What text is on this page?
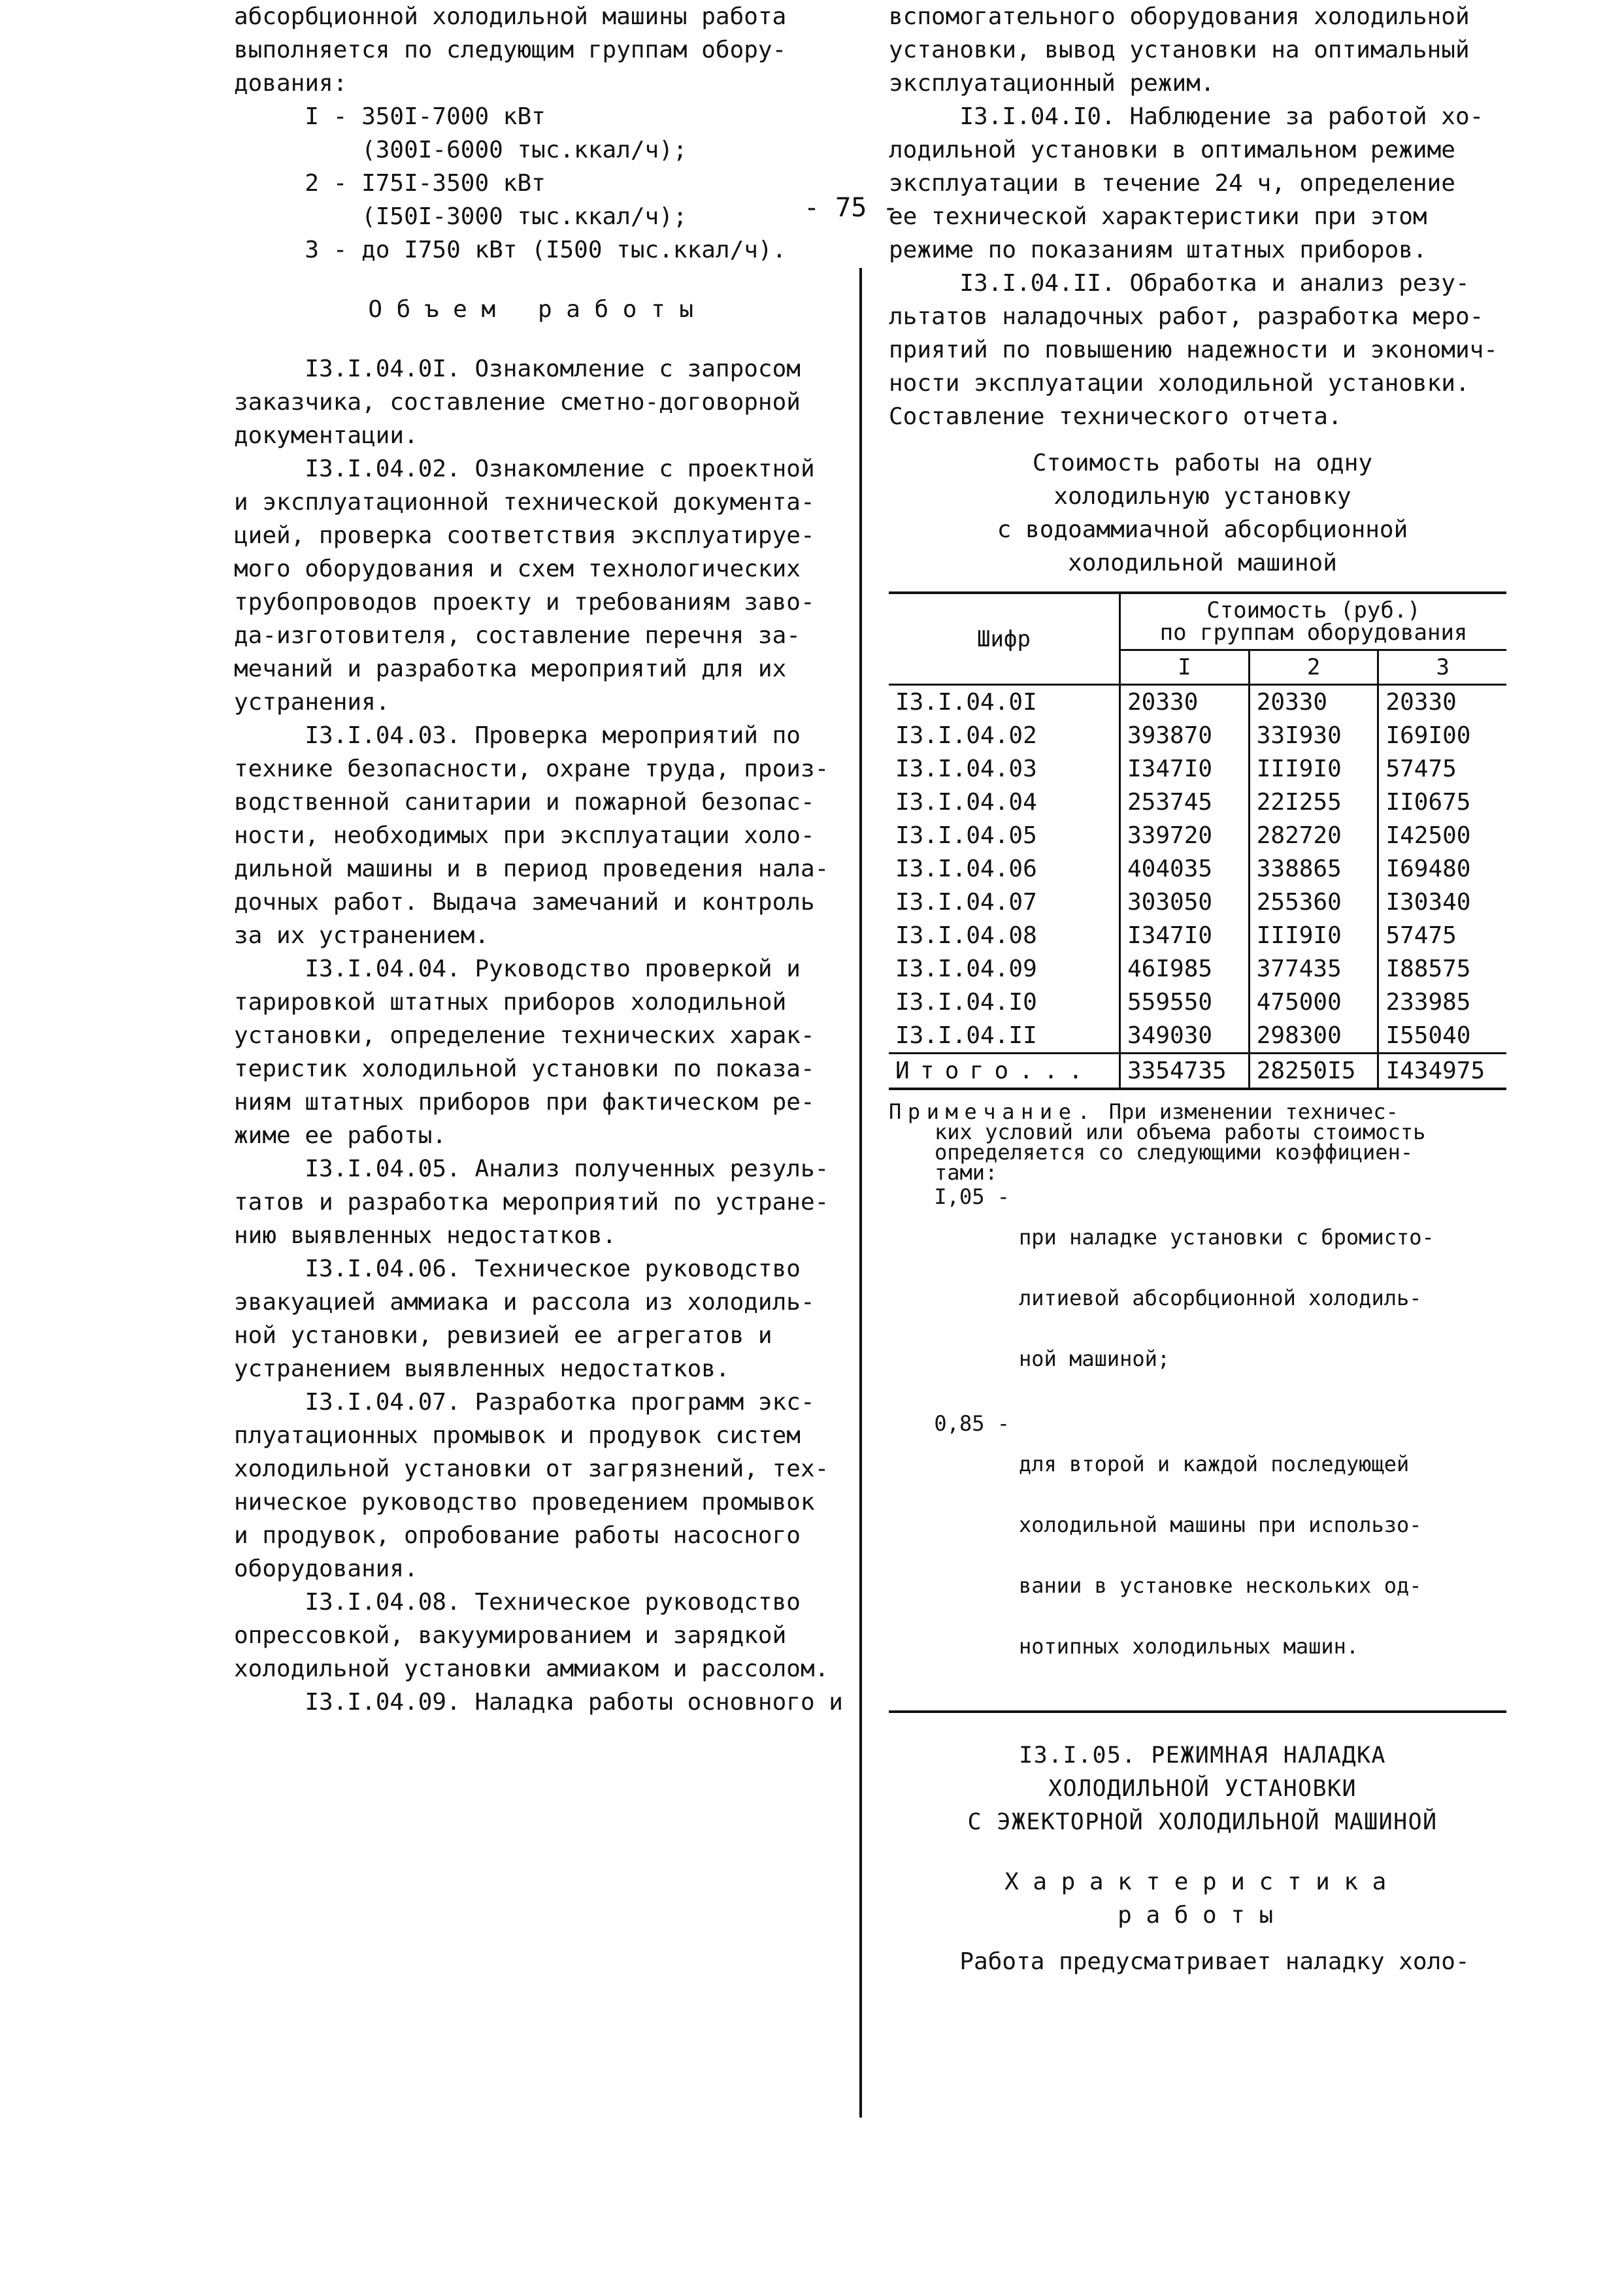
- 75 -

абсорбционной холодильной машины работа

выполняется по следующим группам обору-

дования:

I - 350I-7000 кВт

(300I-6000 тыс.ккал/ч);

2 - I75I-3500 кВт

(I50I-3000 тыс.ккал/ч);

3 - до I750 кВт (I500 тыс.ккал/ч).

Объем работы

I3.I.04.0I. Ознакомление с запросом

заказчика, составление сметно-договорной

документации.

I3.I.04.02. Ознакомление с проектной

и эксплуатационной технической документа-

цией, проверка соответствия эксплуатируе-

мого оборудования и схем технологических

трубопроводов проекту и требованиям заво-

да-изготовителя, составление перечня за-

мечаний и разработка мероприятий для их

устранения.

I3.I.04.03. Проверка мероприятий по

технике безопасности, охране труда, произ-

водственной санитарии и пожарной безопас-

ности, необходимых при эксплуатации холо-

дильной машины и в период проведения нала-

дочных работ. Выдача замечаний и контроль

за их устранением.

I3.I.04.04. Руководство проверкой и

тарировкой штатных приборов холодильной

установки, определение технических харак-

теристик холодильной установки по показа-

ниям штатных приборов при фактическом ре-

жиме ее работы.

I3.I.04.05. Анализ полученных резуль-

татов и разработка мероприятий по устране-

нию выявленных недостатков.

I3.I.04.06. Техническое руководство

эвакуацией аммиака и рассола из холодиль-

ной установки, ревизией ее агрегатов и

устранением выявленных недостатков.

I3.I.04.07. Разработка программ экс-

плуатационных промывок и продувок систем

холодильной установки от загрязнений, тех-

ническое руководство проведением промывок

и продувок, опробование работы насосного

оборудования.

I3.I.04.08. Техническое руководство

опрессовкой, вакуумированием и зарядкой

холодильной установки аммиаком и рассолом.

I3.I.04.09. Наладка работы основного и

вспомогательного оборудования холодильной

установки, вывод установки на оптимальный

эксплуатационный режим.

I3.I.04.I0. Наблюдение за работой хо-

лодильной установки в оптимальном режиме

эксплуатации в течение 24 ч, определение

ее технической характеристики при этом

режиме по показаниям штатных приборов.

I3.I.04.II. Обработка и анализ резу-

льтатов наладочных работ, разработка меро-

приятий по повышению надежности и экономич-

ности эксплуатации холодильной установки.

Составление технического отчета.

Стоимость работы на одну

холодильную установку

с водоаммиачной абсорбционной

холодильной машиной

Шифр	Стоимость (руб.)
по группам оборудования		

	I	2	3
I3.I.04.0I	20330	20330	20330
I3.I.04.02	393870	33I930	I69I00
I3.I.04.03	I347I0	III9I0	57475
I3.I.04.04	253745	22I255	II0675
I3.I.04.05	339720	282720	I42500
I3.I.04.06	404035	338865	I69480
I3.I.04.07	303050	255360	I30340
I3.I.04.08	I347I0	III9I0	57475
I3.I.04.09	46I985	377435	I88575
I3.I.04.I0	559550	475000	233985
I3.I.04.II	349030	298300	I55040
Итого...	3354735	28250I5	I434975

Примечание. При изменении техничес-

ких условий или объема работы стоимость

определяется со следующими коэффициен-

тами:

I,05 -

при наладке установки с бромисто-

литиевой абсорбционной холодиль-

ной машиной;

0,85 -

для второй и каждой последующей

холодильной машины при использо-

вании в установке нескольких од-

нотипных холодильных машин.

I3.I.05. РЕЖИМНАЯ НАЛАДКА

ХОЛОДИЛЬНОЙ УСТАНОВКИ

С ЭЖЕКТОРНОЙ ХОЛОДИЛЬНОЙ МАШИНОЙ

Характеристика

работы

Работа предусматривает наладку холо-
